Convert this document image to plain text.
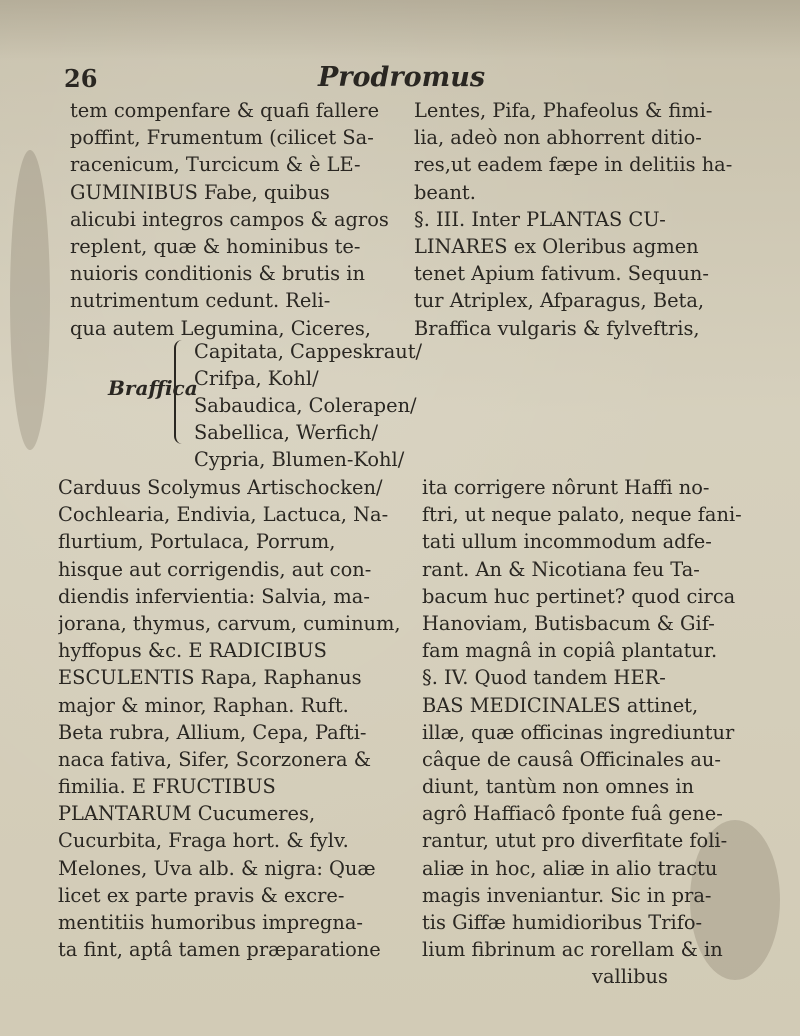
26	Prodromus
tem compenfare & quafi fallere
poffint, Frumentum (cilicet Sa-
racenicum, Turcicum & è LE-
GUMINIBUS Fabe, quibus
alicubi integros campos & agros
replent, quæ & hominibus te-
nuioris conditionis & brutis in
nutrimentum cedunt. Reli-
qua autem Legumina, Ciceres,
Lentes, Pifa, Phafeolus & fimi-
lia, adeò non abhorrent ditio-
res,ut eadem fæpe in delitiis ha-
beant.
§. III. Inter PLANTAS CU-
LINARES ex Oleribus agmen
tenet Apium fativum. Sequun-
tur Atriplex, Afparagus, Beta,
Braffica vulgaris & fylveftris,
Braffica
Capitata, Cappeskraut/
Crifpa, Kohl/
Sabaudica, Colerapen/
Sabellica, Werfich/
Cypria, Blumen-Kohl/
Carduus Scolymus Artischocken/
Cochlearia, Endivia, Lactuca, Na-
flurtium, Portulaca, Porrum,
hisque aut corrigendis, aut con-
diendis infervientia: Salvia, ma-
jorana, thymus, carvum, cuminum,
hyffopus &c. E RADICIBUS
ESCULENTIS Rapa, Raphanus
major & minor, Raphan. Ruft.
Beta rubra, Allium, Cepa, Pafti-
naca fativa, Sifer, Scorzonera &
fimilia. E FRUCTIBUS
PLANTARUM Cucumeres,
Cucurbita, Fraga hort. & fylv.
Melones, Uva alb. & nigra: Quæ
licet ex parte pravis & excre-
mentitiis humoribus impregna-
ta fint, aptâ tamen præparatione
ita corrigere nôrunt Haffi no-
ftri, ut neque palato, neque fani-
tati ullum incommodum adfe-
rant. An & Nicotiana feu Ta-
bacum huc pertinet? quod circa
Hanoviam, Butisbacum & Gif-
fam magnâ in copiâ plantatur.
§. IV. Quod tandem HER-
BAS MEDICINALES attinet,
illæ, quæ officinas ingrediuntur
câque de causâ Officinales au-
diunt, tantùm non omnes in
agrô Haffiacô fponte fuâ gene-
rantur, utut pro diverfitate foli-
aliæ in hoc, aliæ in alio tractu
magis inveniantur. Sic in pra-
tis Giffæ humidioribus Trifo-
lium fibrinum ac rorellam & in
vallibus
